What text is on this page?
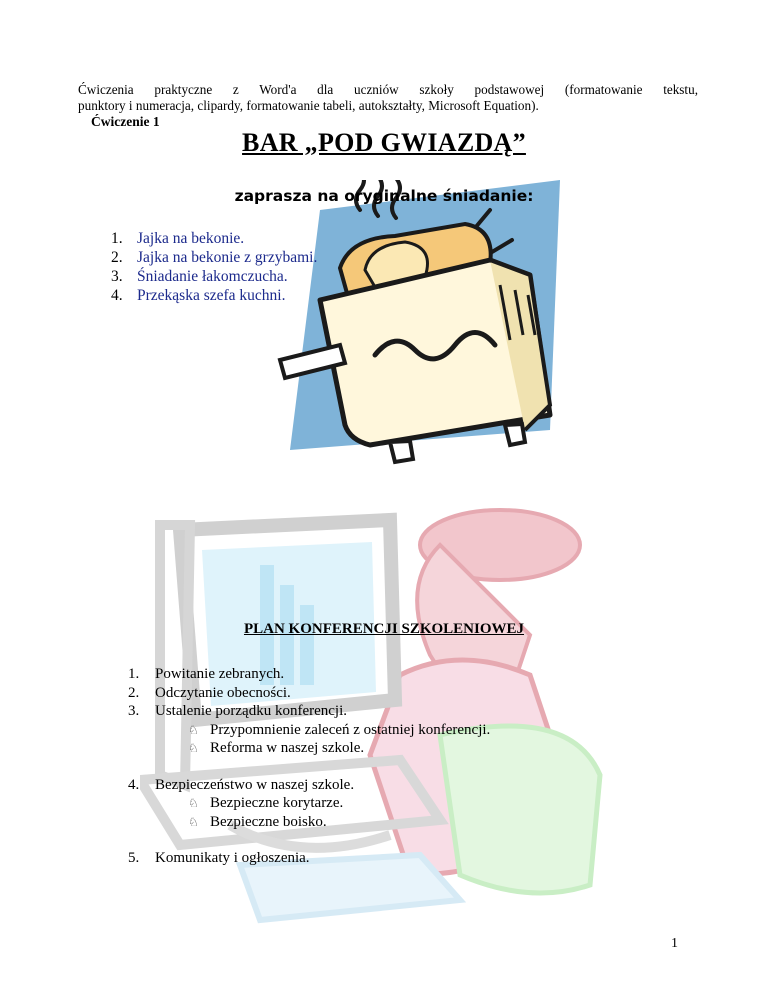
Ćwiczenia praktyczne z Word'a dla uczniów szkoły podstawowej (formatowanie tekstu,
punktory i numeracja, clipardy, formatowanie tabeli, autokształty, Microsoft Equation).
Ćwiczenie 1
BAR „POD GWIAZDĄ”
zaprasza na oryginalne śniadanie:
1. Jajka na bekonie.
2. Jajka na bekonie z grzybami.
3. Śniadanie łakomczucha.
4. Przekąska szefa kuchni.
PLAN KONFERENCJI SZKOLENIOWEJ
1. Powitanie zebranych.
2. Odczytanie obecności.
3. Ustalenie porządku konferencji.
♘ Przypomnienie zaleceń z ostatniej konferencji.
♘ Reforma w naszej szkole.
4. Bezpieczeństwo w naszej szkole.
♘ Bezpieczne korytarze.
♘ Bezpieczne boisko.
5. Komunikaty i ogłoszenia.
1
